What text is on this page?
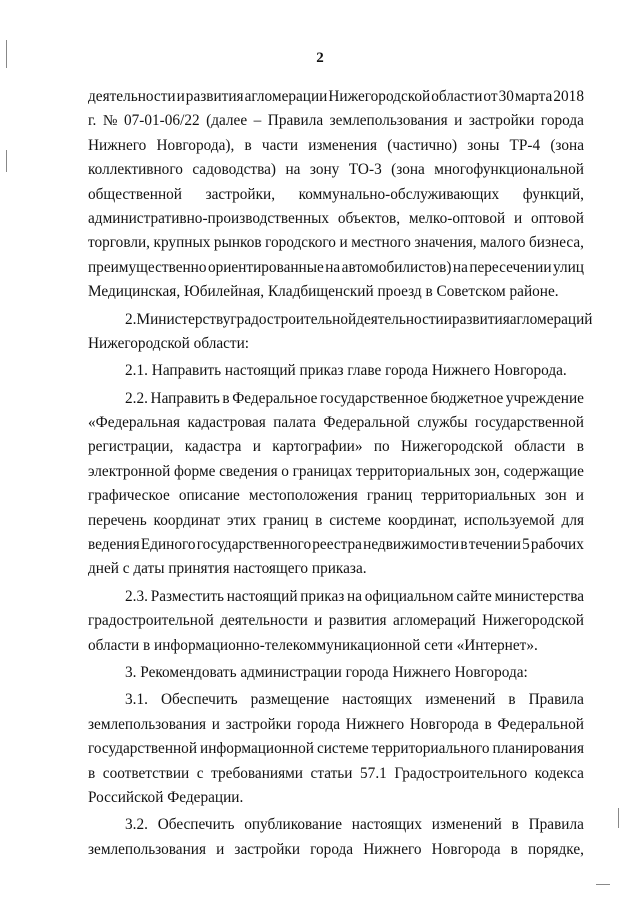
2
деятельности и развития агломерации Нижегородской области от 30 марта 2018
г. № 07-01-06/22 (далее – Правила землепользования и застройки города
Нижнего Новгорода), в части изменения (частично) зоны ТР-4 (зона
коллективного садоводства) на зону ТО-3 (зона многофункциональной
общественной застройки, коммунально-обслуживающих функций,
административно-производственных объектов, мелко-оптовой и оптовой
торговли, крупных рынков городского и местного значения, малого бизнеса,
преимущественно ориентированные на автомобилистов) на пересечении улиц
Медицинская, Юбилейная, Кладбищенский проезд в Советском районе.
2. Министерству градостроительной деятельности и развития агломераций
Нижегородской области:
2.1. Направить настоящий приказ главе города Нижнего Новгорода.
2.2. Направить в Федеральное государственное бюджетное учреждение
«Федеральная кадастровая палата Федеральной службы государственной
регистрации, кадастра и картографии» по Нижегородской области в
электронной форме сведения о границах территориальных зон, содержащие
графическое описание местоположения границ территориальных зон и
перечень координат этих границ в системе координат, используемой для
ведения Единого государственного реестра недвижимости в течении 5 рабочих
дней с даты принятия настоящего приказа.
2.3. Разместить настоящий приказ на официальном сайте министерства
градостроительной деятельности и развития агломераций Нижегородской
области в информационно-телекоммуникационной сети «Интернет».
3. Рекомендовать администрации города Нижнего Новгорода:
3.1. Обеспечить размещение настоящих изменений в Правила
землепользования и застройки города Нижнего Новгорода в Федеральной
государственной информационной системе территориального планирования
в соответствии с требованиями статьи 57.1 Градостроительного кодекса
Российской Федерации.
3.2. Обеспечить опубликование настоящих изменений в Правила
землепользования и застройки города Нижнего Новгорода в порядке,
